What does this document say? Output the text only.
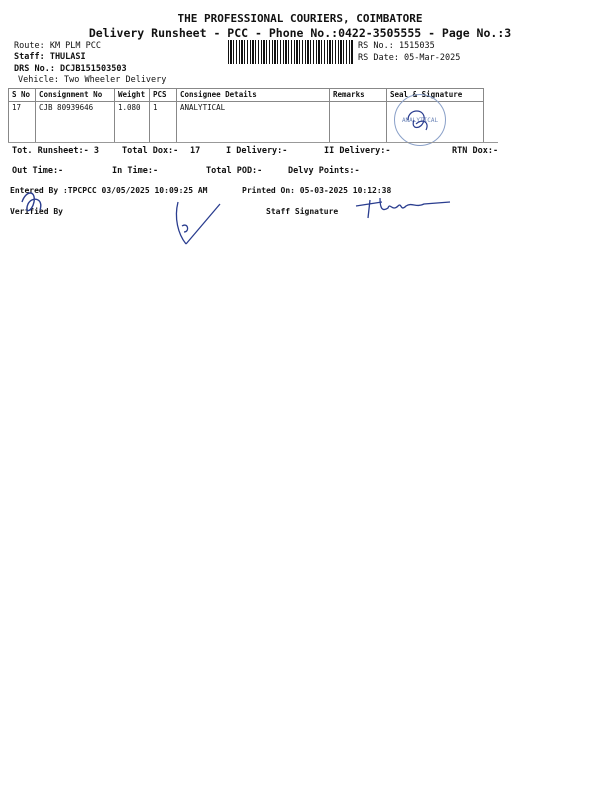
THE PROFESSIONAL COURIERS, COIMBATORE
Delivery Runsheet - PCC - Phone No.:0422-3505555 - Page No.:3
Route: KM PLM PCC
Staff: THULASI
DRS No.: DCJB151503503
Vehicle: Two Wheeler Delivery
RS No.: 1515035
RS Date: 05-Mar-2025
S No	Consignment No	Weight	PCS	Consignee Details	Remarks	Seal & Signature
17	CJB 80939646	1.080	1	ANALYTICAL		
ANALYTICAL
Tot. Runsheet:- 3	Total Dox:- 17	I Delivery:-	II Delivery:-	RTN Dox:-
Out Time:-	In Time:-	Total POD:-	Delvy Points:-
Entered By :TPCPCC 03/05/2025 10:09:25 AM	Printed On: 05-03-2025 10:12:38
Verified By	Staff Signature
